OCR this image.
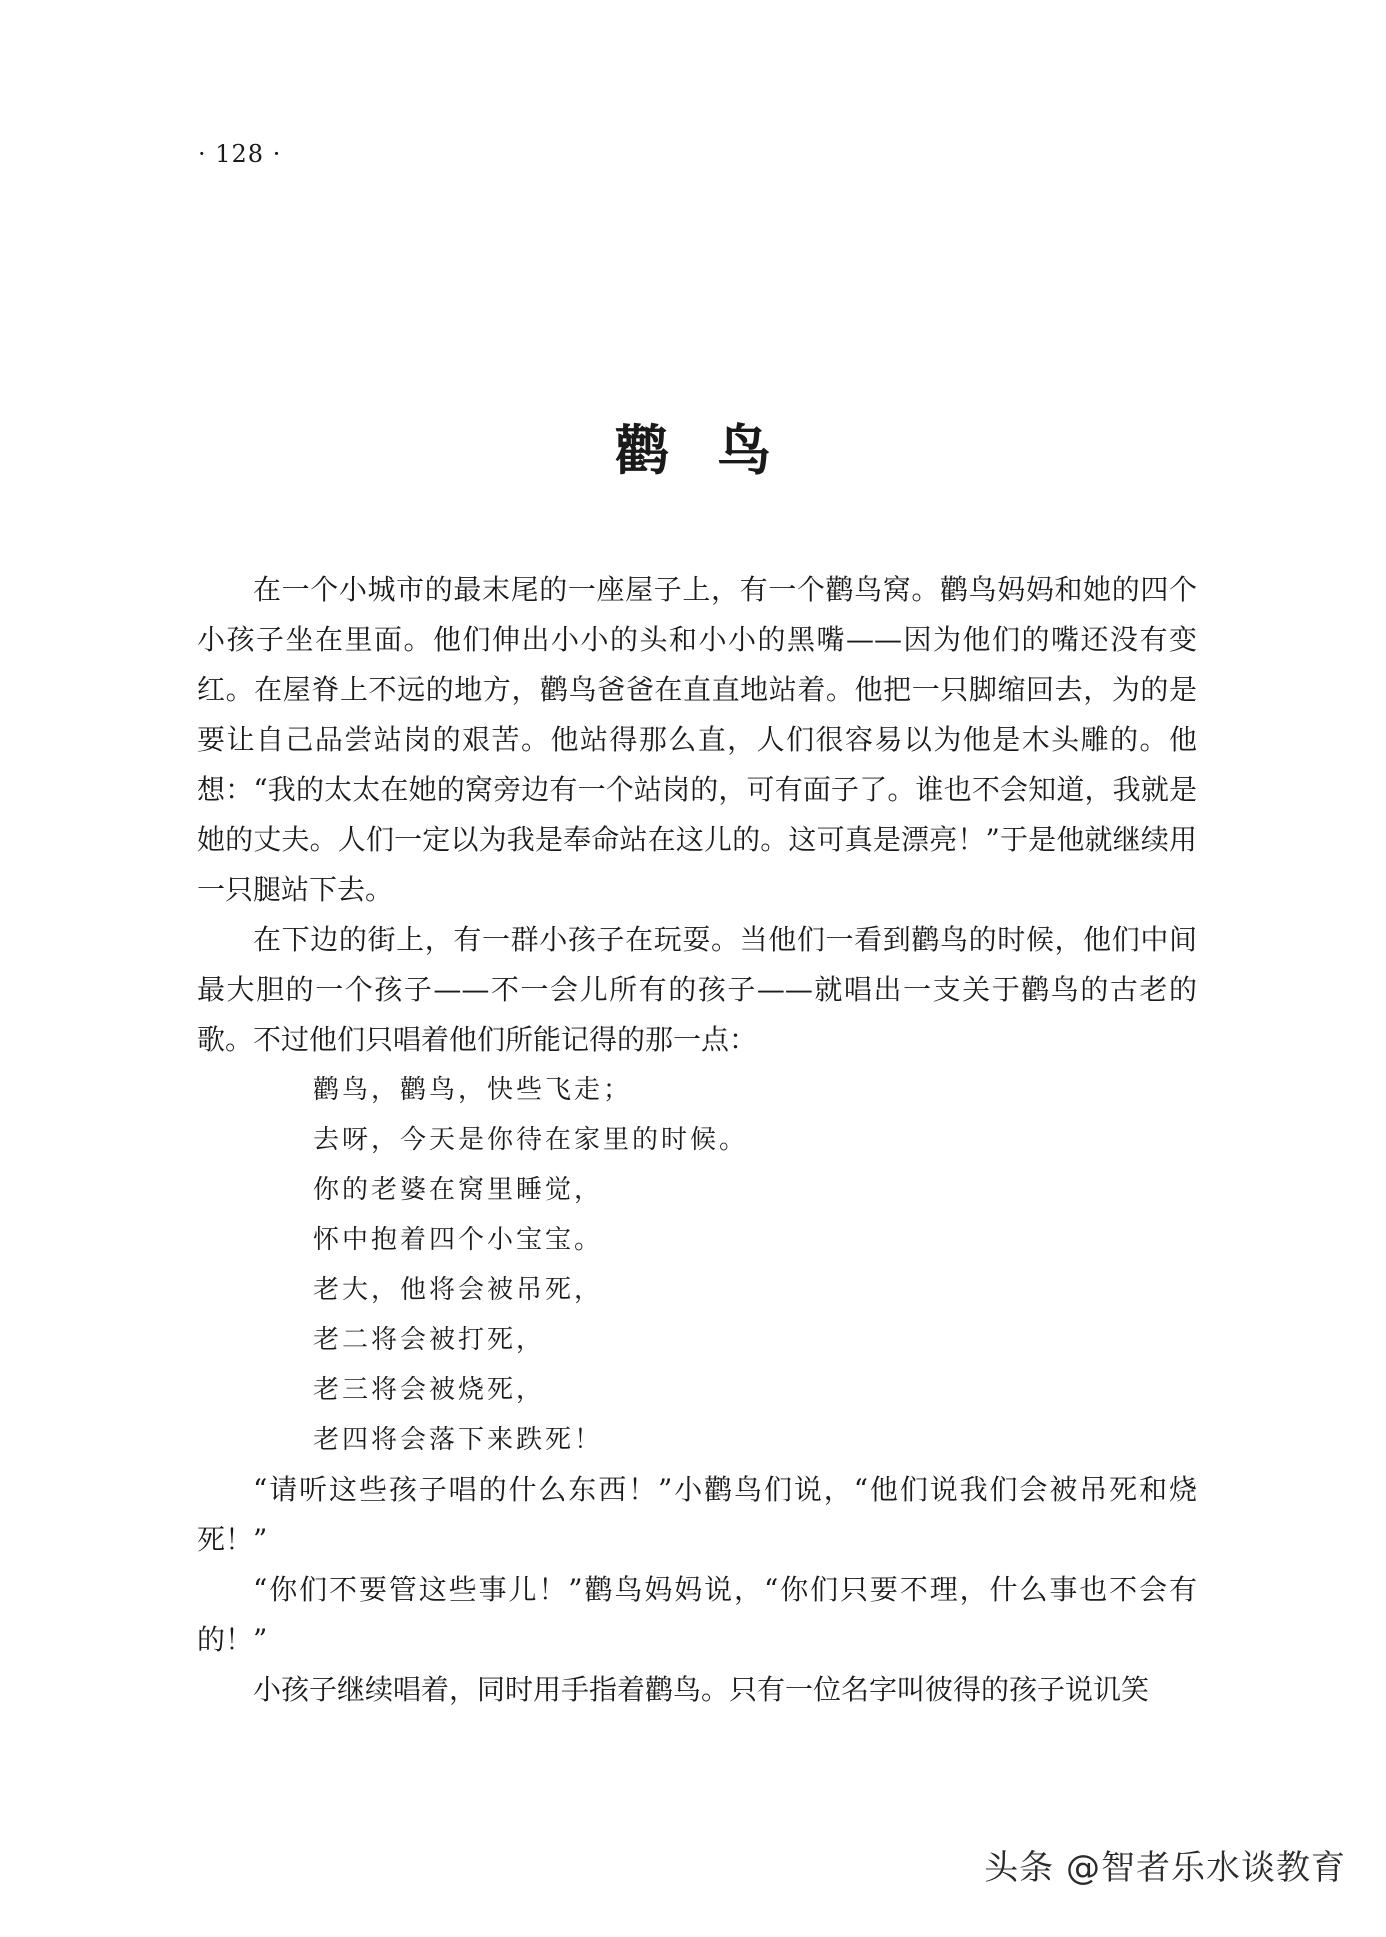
· 128 ·
鹳鸟

在一个小城市的最末尾的一座屋子上，有一个鹳鸟窝。鹳鸟妈妈和她的四个小孩子坐在里面。他们伸出小小的头和小小的黑嘴——因为他们的嘴还没有变红。在屋脊上不远的地方，鹳鸟爸爸在直直地站着。他把一只脚缩回去，为的是要让自己品尝站岗的艰苦。他站得那么直，人们很容易以为他是木头雕的。他想：“我的太太在她的窝旁边有一个站岗的，可有面子了。谁也不会知道，我就是她的丈夫。人们一定以为我是奉命站在这儿的。这可真是漂亮！”于是他就继续用一只腿站下去。

在下边的街上，有一群小孩子在玩耍。当他们一看到鹳鸟的时候，他们中间最大胆的一个孩子——不一会儿所有的孩子——就唱出一支关于鹳鸟的古老的歌。不过他们只唱着他们所能记得的那一点：

鹳鸟，鹳鸟，快些飞走；
去呀，今天是你待在家里的时候。
你的老婆在窝里睡觉，
怀中抱着四个小宝宝。
老大，他将会被吊死，
老二将会被打死，
老三将会被烧死，
老四将会落下来跌死！

“请听这些孩子唱的什么东西！”小鹳鸟们说，“他们说我们会被吊死和烧死！”

“你们不要管这些事儿！”鹳鸟妈妈说，“你们只要不理，什么事也不会有的！”

小孩子继续唱着，同时用手指着鹳鸟。只有一位名字叫彼得的孩子说讥笑

头条 @智者乐水谈教育
